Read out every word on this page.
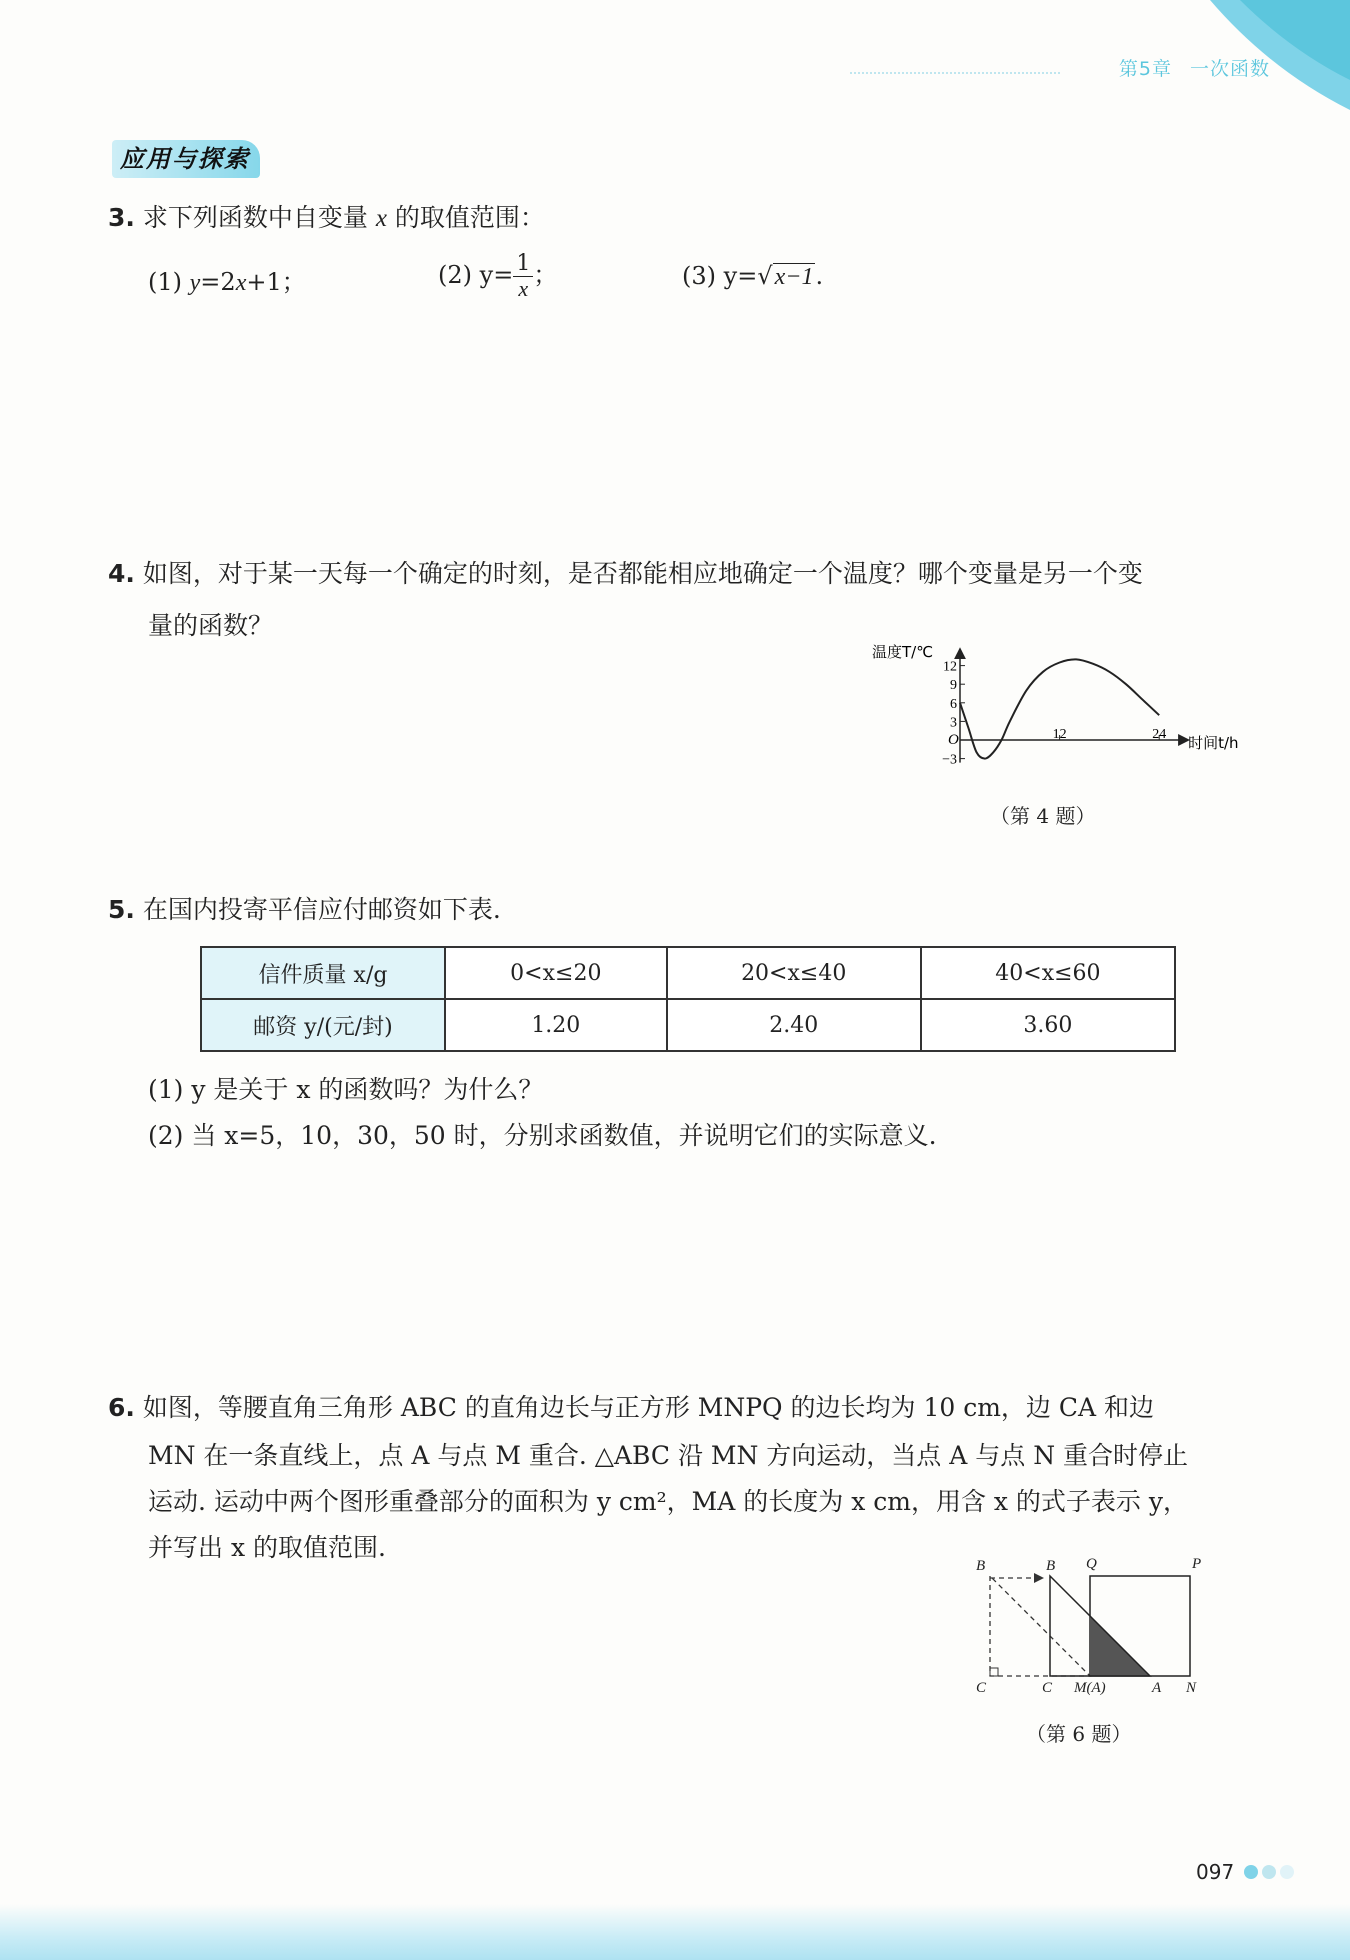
第5章 一次函数
应用与探索
3. 求下列函数中自变量 x 的取值范围：
(1) y=2x+1；	(2) $y= \frac{1}{x}$ ；	(3) y=√x−1.
4. 如图，对于某一天每一个确定的时刻，是否都能相应地确定一个温度？哪个变量是另一个变
量的函数？
−3
3
6
9
12
12	24
温度T/℃
时间t/h
O
（第 4 题）
5. 在国内投寄平信应付邮资如下表.
信件质量 x/g	0<x≤20	20<x≤40	40<x≤60
邮资 y/(元/封)	1.20	2.40	3.60
(1) y 是关于 x 的函数吗？为什么？
(2) 当 x=5，10，30，50 时，分别求函数值，并说明它们的实际意义.
6. 如图，等腰直角三角形 ABC 的直角边长与正方形 MNPQ 的边长均为 10 cm，边 CA 和边
MN 在一条直线上，点 A 与点 M 重合. △ABC 沿 MN 方向运动，当点 A 与点 N 重合时停止
运动. 运动中两个图形重叠部分的面积为 y cm²，MA 的长度为 x cm，用含 x 的式子表示 y，
并写出 x 的取值范围.
B	B Q	P
C	C M(A)	A N
（第 6 题）
097
